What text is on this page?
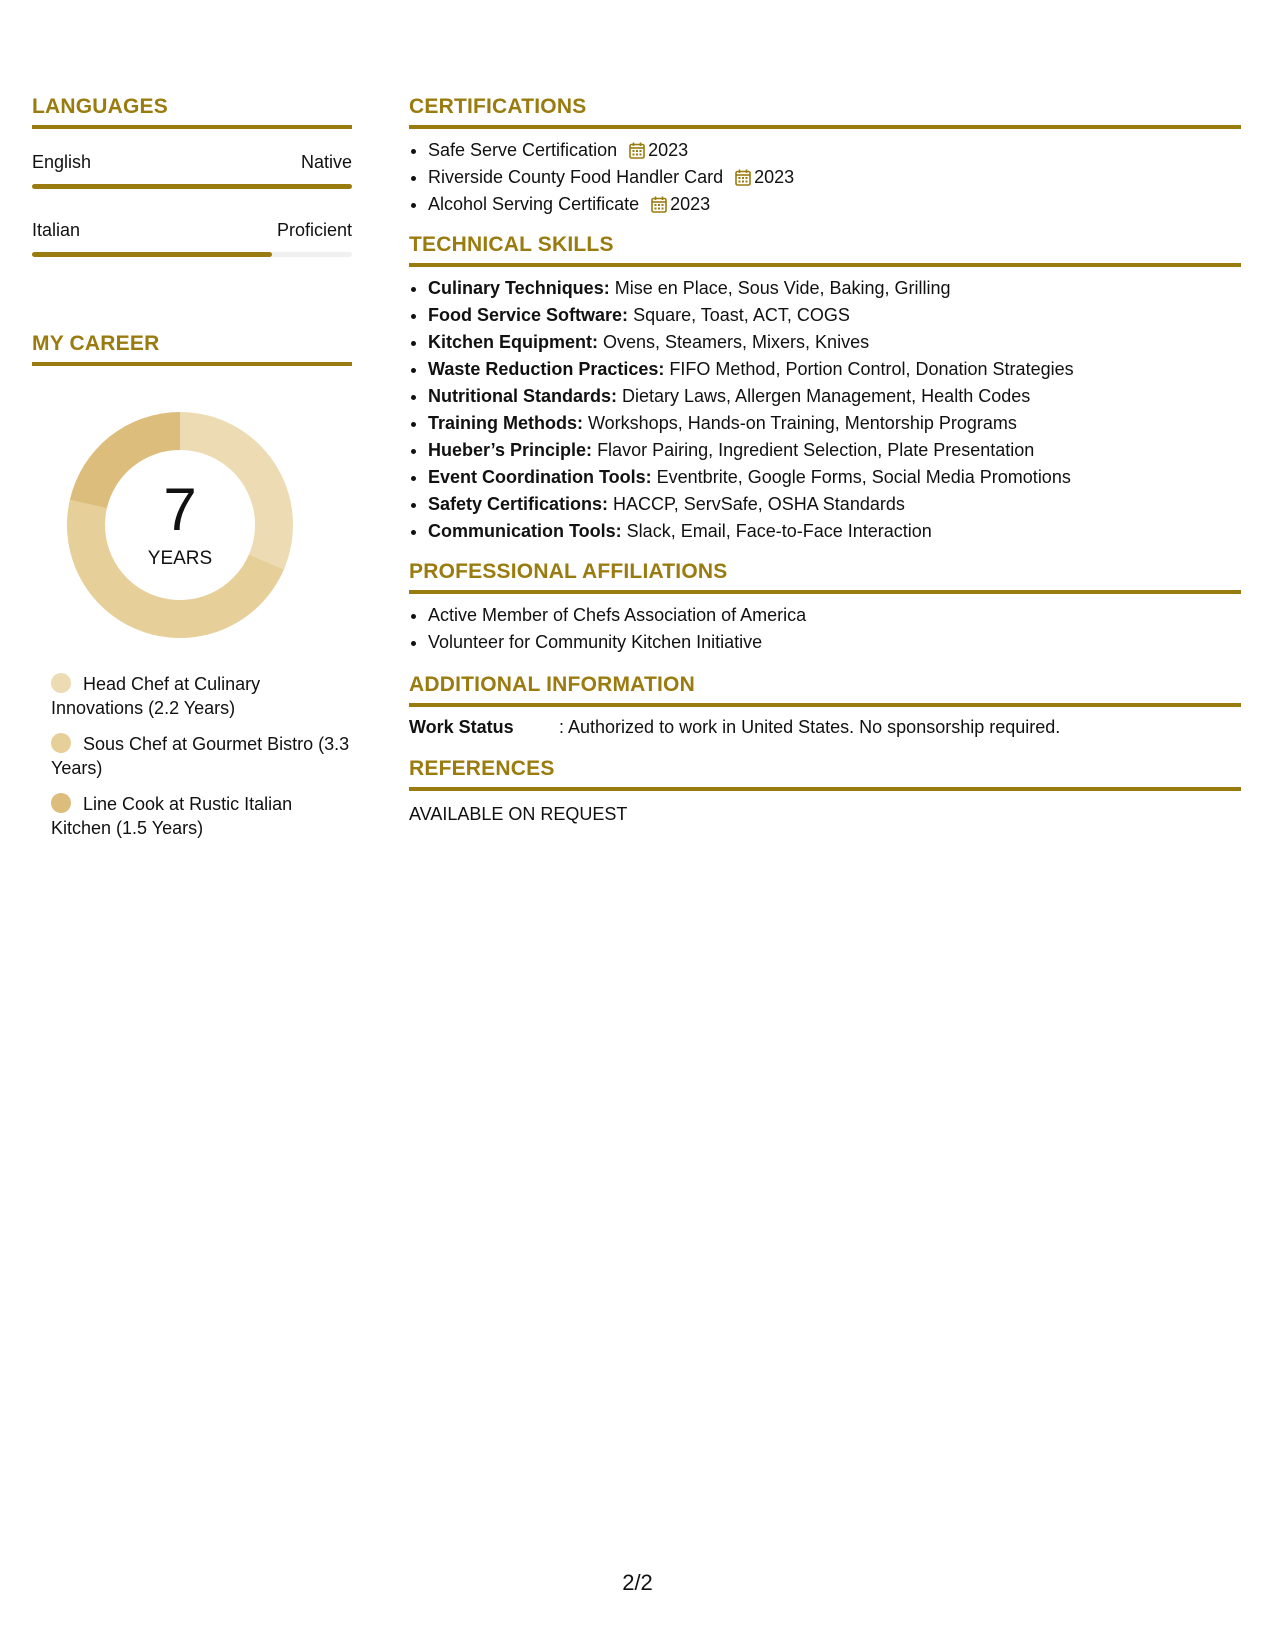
LANGUAGES
English	Native
Italian	Proficient
MY CAREER
7
YEARS
Head Chef at Culinary Innovations (2.2 Years)
Sous Chef at Gourmet Bistro (3.3 Years)
Line Cook at Rustic Italian Kitchen (1.5 Years)
CERTIFICATIONS
• Safe Serve Certification 2023
• Riverside County Food Handler Card 2023
• Alcohol Serving Certificate 2023
TECHNICAL SKILLS
• Culinary Techniques: Mise en Place, Sous Vide, Baking, Grilling
• Food Service Software: Square, Toast, ACT, COGS
• Kitchen Equipment: Ovens, Steamers, Mixers, Knives
• Waste Reduction Practices: FIFO Method, Portion Control, Donation Strategies
• Nutritional Standards: Dietary Laws, Allergen Management, Health Codes
• Training Methods: Workshops, Hands-on Training, Mentorship Programs
• Hueber’s Principle: Flavor Pairing, Ingredient Selection, Plate Presentation
• Event Coordination Tools: Eventbrite, Google Forms, Social Media Promotions
• Safety Certifications: HACCP, ServSafe, OSHA Standards
• Communication Tools: Slack, Email, Face-to-Face Interaction
PROFESSIONAL AFFILIATIONS
• Active Member of Chefs Association of America
• Volunteer for Community Kitchen Initiative
ADDITIONAL INFORMATION
Work Status	: Authorized to work in United States. No sponsorship required.
REFERENCES
AVAILABLE ON REQUEST
2/2
